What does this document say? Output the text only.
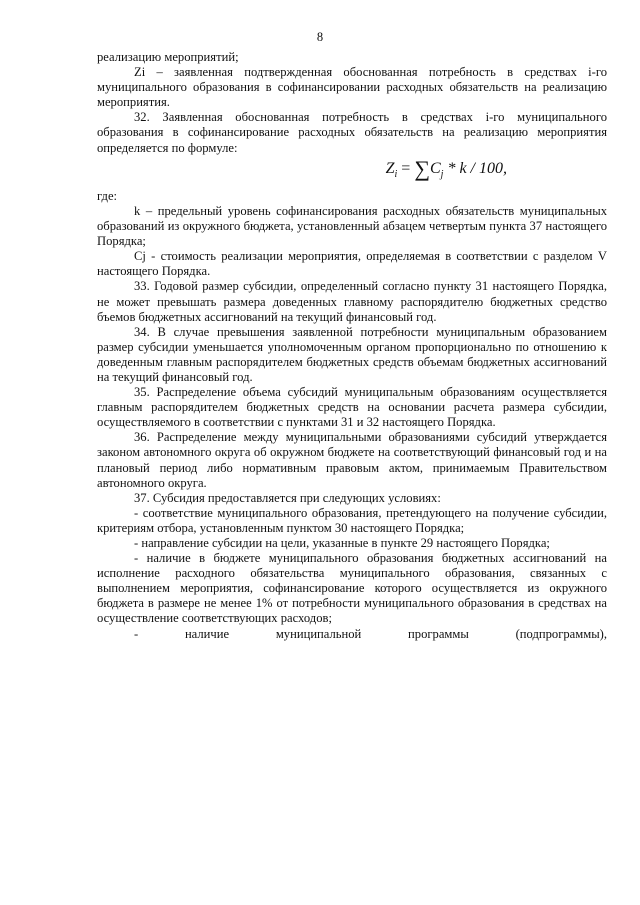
8

реализацию мероприятий;

Zi – заявленная подтвержденная обоснованная потребность в средствах i-го муниципального образования в софинансировании расходных обязательств на реализацию мероприятия.

32. Заявленная обоснованная потребность в средствах i-го муниципального образования в софинансирование расходных обязательств на реализацию мероприятия определяется по формуле:

$Z_i = \sum C_j * k / 100$,

где:

k – предельный уровень софинансирования расходных обязательств муниципальных образований из окружного бюджета, установленный абзацем четвертым пункта 37 настоящего Порядка;

Cj - стоимость реализации мероприятия, определяемая в соответствии с разделом V настоящего Порядка.

33. Годовой размер субсидии, определенный согласно пункту 31 настоящего Порядка, не может превышать размера доведенных главному распорядителю бюджетных средство бъемов бюджетных ассигнований на текущий финансовый год.

34. В случае превышения заявленной потребности муниципальным образованием размер субсидии уменьшается уполномоченным органом пропорционально по отношению к доведенным главным распорядителем бюджетных средств объемам бюджетных ассигнований на текущий финансовый год.

35. Распределение объема субсидий муниципальным образованиям осуществляется главным распорядителем бюджетных средств на основании расчета размера субсидии, осуществляемого в соответствии с пунктами 31 и 32 настоящего Порядка.

36. Распределение между муниципальными образованиями субсидий утверждается законом автономного округа об окружном бюджете на соответствующий финансовый год и на плановый период либо нормативным правовым актом, принимаемым Правительством автономного округа.

37. Субсидия предоставляется при следующих условиях:

- соответствие муниципального образования, претендующего на получение субсидии, критериям отбора, установленным пунктом 30 настоящего Порядка;

- направление субсидии на цели, указанные в пункте 29 настоящего Порядка;

- наличие в бюджете муниципального образования бюджетных ассигнований на исполнение расходного обязательства муниципального образования, связанных с выполнением мероприятия, софинансирование которого осуществляется из окружного бюджета в размере не менее 1% от потребности муниципального образования в средствах на осуществление соответствующих расходов;

- наличие муниципальной программы (подпрограммы),
